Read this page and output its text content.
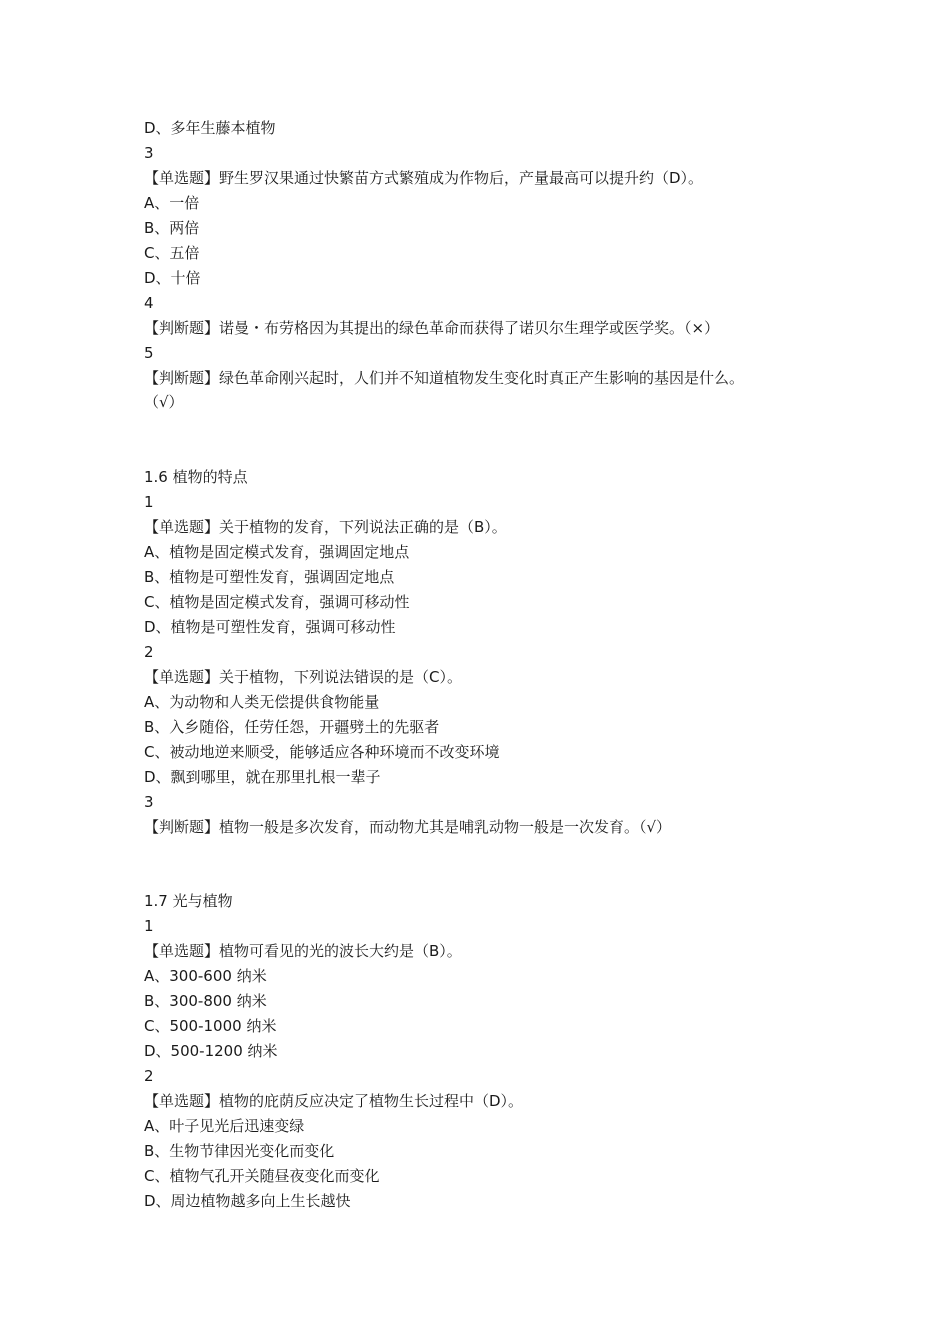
D、多年生藤本植物

3

【单选题】野生罗汉果通过快繁苗方式繁殖成为作物后，产量最高可以提升约（D）。

A、一倍

B、两倍

C、五倍

D、十倍

4

【判断题】诺曼・布劳格因为其提出的绿色革命而获得了诺贝尔生理学或医学奖。（×）

5

【判断题】绿色革命刚兴起时，人们并不知道植物发生变化时真正产生影响的基因是什么。

（√）

1.6 植物的特点

1

【单选题】关于植物的发育，下列说法正确的是（B）。

A、植物是固定模式发育，强调固定地点

B、植物是可塑性发育，强调固定地点

C、植物是固定模式发育，强调可移动性

D、植物是可塑性发育，强调可移动性

2

【单选题】关于植物，下列说法错误的是（C）。

A、为动物和人类无偿提供食物能量

B、入乡随俗，任劳任怨，开疆劈土的先驱者

C、被动地逆来顺受，能够适应各种环境而不改变环境

D、飘到哪里，就在那里扎根一辈子

3

【判断题】植物一般是多次发育，而动物尤其是哺乳动物一般是一次发育。（√）

1.7 光与植物

1

【单选题】植物可看见的光的波长大约是（B）。

A、300-600 纳米

B、300-800 纳米

C、500-1000 纳米

D、500-1200 纳米

2

【单选题】植物的庇荫反应决定了植物生长过程中（D）。

A、叶子见光后迅速变绿

B、生物节律因光变化而变化

C、植物气孔开关随昼夜变化而变化

D、周边植物越多向上生长越快
